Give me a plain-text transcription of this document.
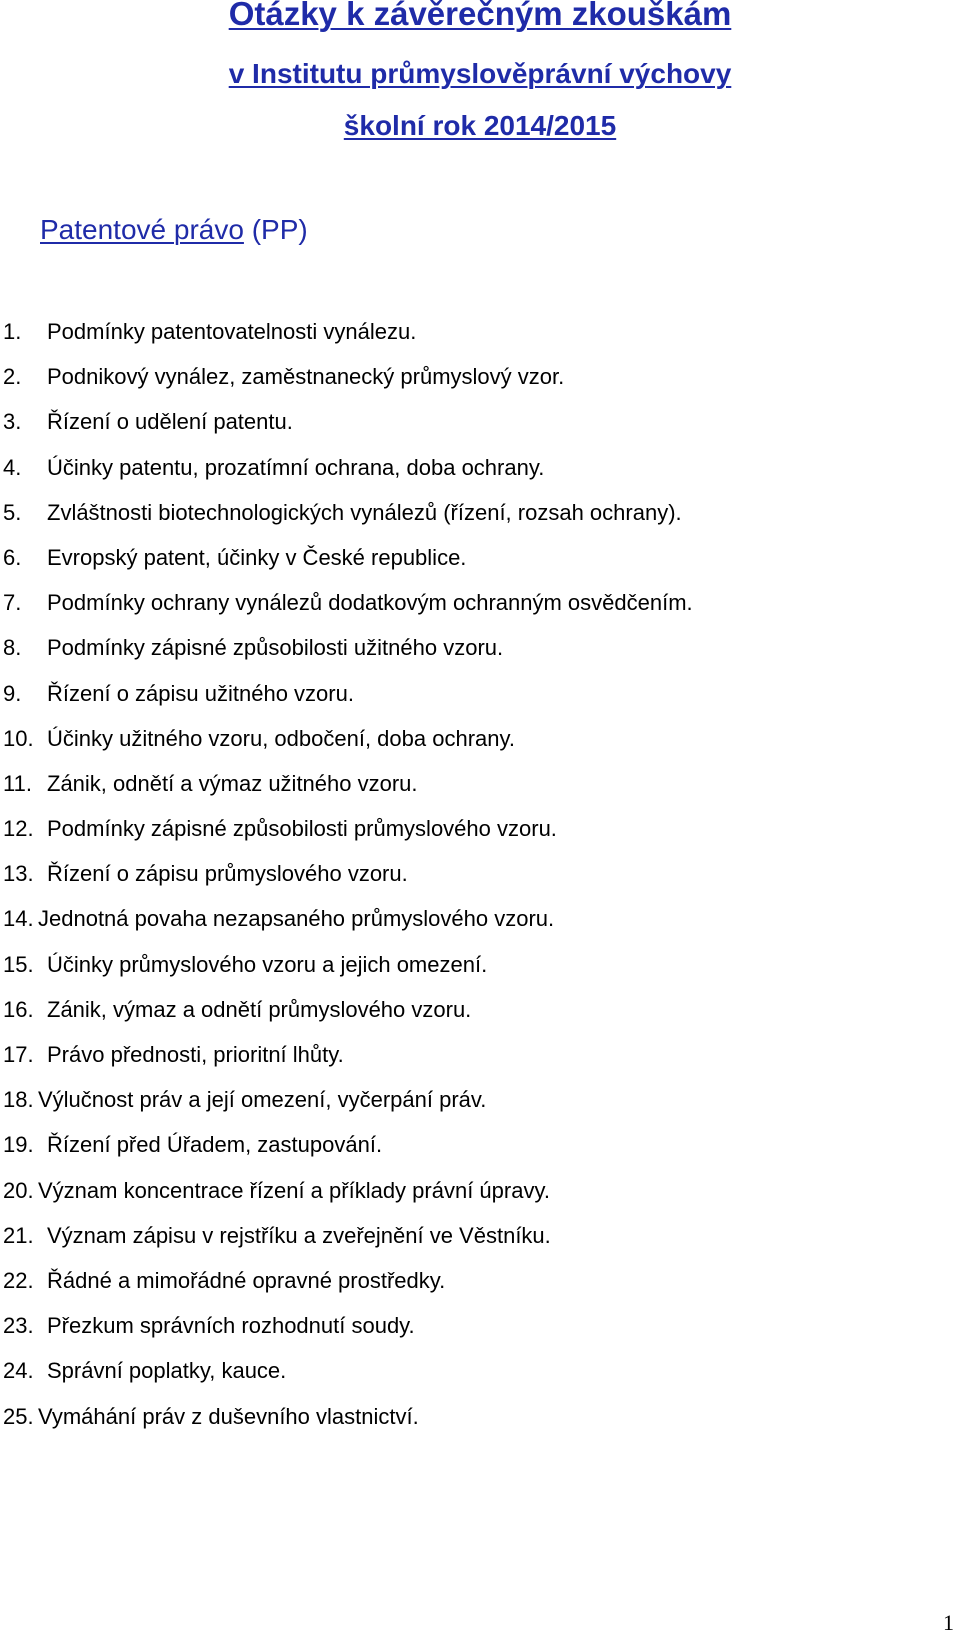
Otázky k závěrečným zkouškám
v Institutu průmyslověprávní výchovy
školní rok 2014/2015
Patentové právo (PP)
1. Podmínky patentovatelnosti vynálezu.
2. Podnikový vynález, zaměstnanecký průmyslový vzor.
3. Řízení o udělení patentu.
4. Účinky patentu, prozatímní ochrana, doba ochrany.
5. Zvláštnosti biotechnologických vynálezů (řízení, rozsah ochrany).
6. Evropský patent, účinky v České republice.
7. Podmínky ochrany vynálezů dodatkovým ochranným osvědčením.
8. Podmínky zápisné způsobilosti užitného vzoru.
9. Řízení o zápisu užitného vzoru.
10. Účinky užitného vzoru, odbočení, doba ochrany.
11. Zánik, odnětí a výmaz užitného vzoru.
12. Podmínky zápisné způsobilosti průmyslového vzoru.
13. Řízení o zápisu průmyslového vzoru.
14. Jednotná povaha nezapsaného průmyslového vzoru.
15. Účinky průmyslového vzoru a jejich omezení.
16. Zánik, výmaz a odnětí průmyslového vzoru.
17. Právo přednosti, prioritní lhůty.
18. Výlučnost práv a její omezení, vyčerpání práv.
19. Řízení před Úřadem, zastupování.
20. Význam koncentrace řízení a příklady právní úpravy.
21. Význam zápisu v rejstříku a zveřejnění ve Věstníku.
22. Řádné a mimořádné opravné prostředky.
23. Přezkum správních rozhodnutí soudy.
24. Správní poplatky, kauce.
25. Vymáhání práv z duševního vlastnictví.
1
